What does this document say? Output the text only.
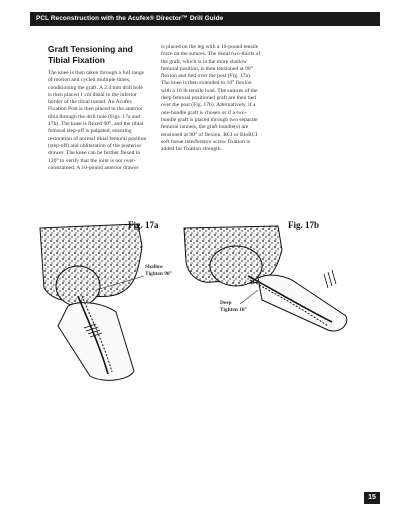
PCL Reconstruction with the Acufex® Director™ Drill Guide
Graft Tensioning and Tibial Fixation

The knee is then taken through a full range of motion and cycled multiple times, conditioning the graft. A 2.4 mm drill hole is then placed 1 cm distal to the inferior border of the tibial tunnel. An Acufex Fixation Post is then placed in the anterior tibia through the drill hole (Figs. 17a and 17b). The knee is flexed 90°, and the tibial femoral step-off is palpated, ensuring restoration of normal tibial femoral position (step-off) and obliteration of the posterior drawer. The knee can be further flexed to 120° to verify that the joint is not over-constrained. A 10-pound anterior drawer

is placed on the leg with a 10-pound tensile force on the sutures. The distal two-thirds of the graft, which is in the more shallow femoral position, is then tensioned at 90° flexion and tied over the post (Fig. 17a). The knee is then extended to 10° flexion with a 10 lb tensile load. The sutures of the deep femoral positioned graft are then tied over the post (Fig. 17b). Alternatively, if a one-bundle graft is chosen or if a two-bundle graft is placed through two separate femoral tunnels, the graft bundle(s) are tensioned at 90° of flexion. RCI or BioRCI soft tissue interference screw fixation is added for fixation strength.

Fig. 17a
Shallow
Tighten 90°
Fig. 17b
Deep
Tighten 10°
15
